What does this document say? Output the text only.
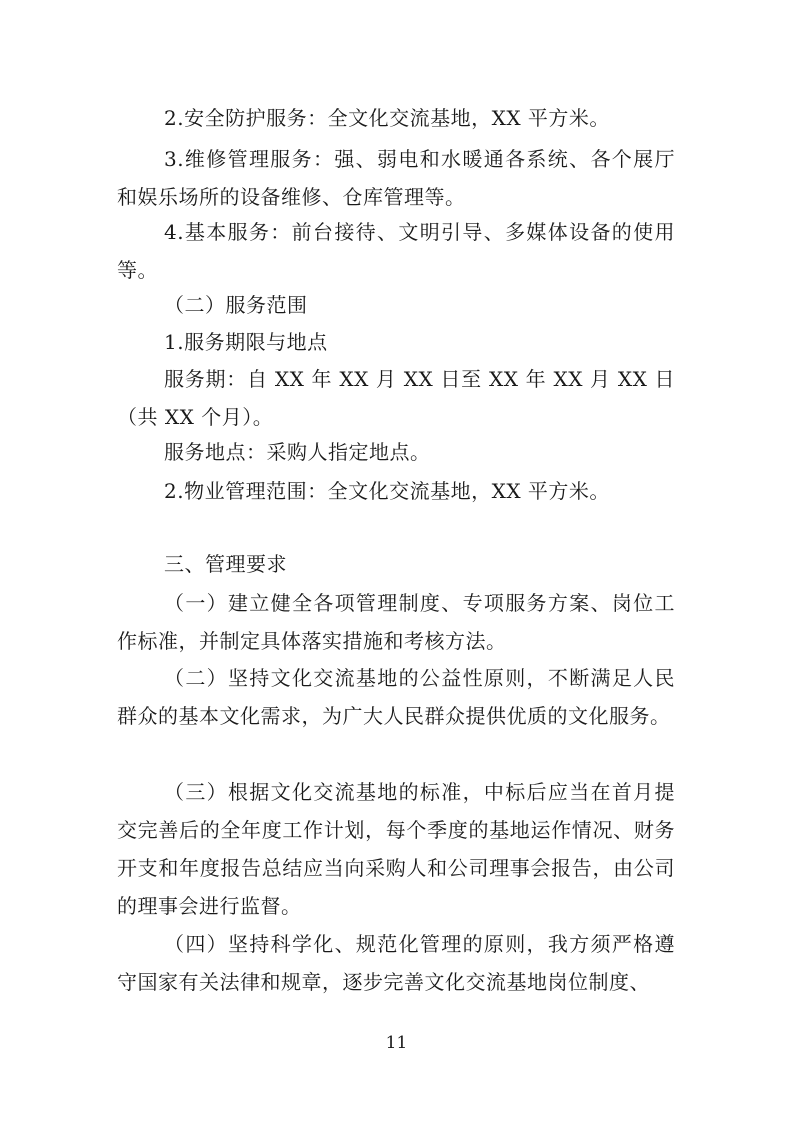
2.安全防护服务：全文化交流基地，XX 平方米。

3.维修管理服务：强、弱电和水暖通各系统、各个展厅和娱乐场所的设备维修、仓库管理等。

4.基本服务：前台接待、文明引导、多媒体设备的使用等。

（二）服务范围

1.服务期限与地点

服务期：自 XX 年 XX 月 XX 日至 XX 年 XX 月 XX 日（共 XX 个月）。

服务地点：采购人指定地点。

2.物业管理范围：全文化交流基地，XX 平方米。

三、管理要求

（一）建立健全各项管理制度、专项服务方案、岗位工作标准，并制定具体落实措施和考核方法。

（二）坚持文化交流基地的公益性原则，不断满足人民群众的基本文化需求，为广大人民群众提供优质的文化服务。

（三）根据文化交流基地的标准，中标后应当在首月提交完善后的全年度工作计划，每个季度的基地运作情况、财务开支和年度报告总结应当向采购人和公司理事会报告，由公司的理事会进行监督。

（四）坚持科学化、规范化管理的原则，我方须严格遵守国家有关法律和规章，逐步完善文化交流基地岗位制度、

11
